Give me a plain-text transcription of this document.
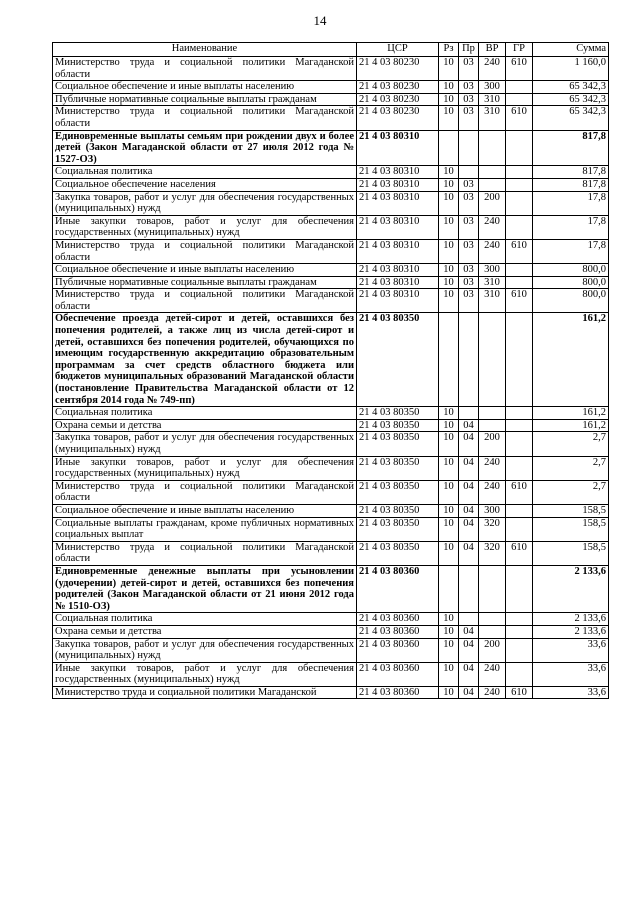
14
Наименование	ЦСР	Рз	Пр	ВР	ГР	Сумма
Министерство труда и социальной политики Магаданской области	21 4 03 80230	10	03	240	610	1 160,0
Социальное обеспечение и иные выплаты населению	21 4 03 80230	10	03	300		65 342,3
Публичные нормативные социальные выплаты гражданам	21 4 03 80230	10	03	310		65 342,3
Министерство труда и социальной политики Магаданской области	21 4 03 80230	10	03	310	610	65 342,3
Единовременные выплаты семьям при рождении двух и более детей (Закон Магаданской области от 27 июля 2012 года № 1527-ОЗ)	21 4 03 80310					817,8
Социальная политика	21 4 03 80310	10				817,8
Социальное обеспечение населения	21 4 03 80310	10	03			817,8
Закупка товаров, работ и услуг для обеспечения государственных (муниципальных) нужд	21 4 03 80310	10	03	200		17,8
Иные закупки товаров, работ и услуг для обеспечения государственных (муниципальных) нужд	21 4 03 80310	10	03	240		17,8
Министерство труда и социальной политики Магаданской области	21 4 03 80310	10	03	240	610	17,8
Социальное обеспечение и иные выплаты населению	21 4 03 80310	10	03	300		800,0
Публичные нормативные социальные выплаты гражданам	21 4 03 80310	10	03	310		800,0
Министерство труда и социальной политики Магаданской области	21 4 03 80310	10	03	310	610	800,0
Обеспечение проезда детей-сирот и детей, оставшихся без попечения родителей, а также лиц из числа детей-сирот и детей, оставшихся без попечения родителей, обучающихся по имеющим государственную аккредитацию образовательным программам за счет средств областного бюджета или бюджетов муниципальных образований Магаданской области (постановление Правительства Магаданской области от 12 сентября 2014 года № 749-пп)	21 4 03 80350					161,2
Социальная политика	21 4 03 80350	10				161,2
Охрана семьи и детства	21 4 03 80350	10	04			161,2
Закупка товаров, работ и услуг для обеспечения государственных (муниципальных) нужд	21 4 03 80350	10	04	200		2,7
Иные закупки товаров, работ и услуг для обеспечения государственных (муниципальных) нужд	21 4 03 80350	10	04	240		2,7
Министерство труда и социальной политики Магаданской области	21 4 03 80350	10	04	240	610	2,7
Социальное обеспечение и иные выплаты населению	21 4 03 80350	10	04	300		158,5
Социальные выплаты гражданам, кроме публичных нормативных социальных выплат	21 4 03 80350	10	04	320		158,5
Министерство труда и социальной политики Магаданской области	21 4 03 80350	10	04	320	610	158,5
Единовременные денежные выплаты при усыновлении (удочерении) детей-сирот и детей, оставшихся без попечения родителей (Закон Магаданской области от 21 июня 2012 года № 1510-ОЗ)	21 4 03 80360					2 133,6
Социальная политика	21 4 03 80360	10				2 133,6
Охрана семьи и детства	21 4 03 80360	10	04			2 133,6
Закупка товаров, работ и услуг для обеспечения государственных (муниципальных) нужд	21 4 03 80360	10	04	200		33,6
Иные закупки товаров, работ и услуг для обеспечения государственных (муниципальных) нужд	21 4 03 80360	10	04	240		33,6
Министерство труда и социальной политики Магаданской	21 4 03 80360	10	04	240	610	33,6
